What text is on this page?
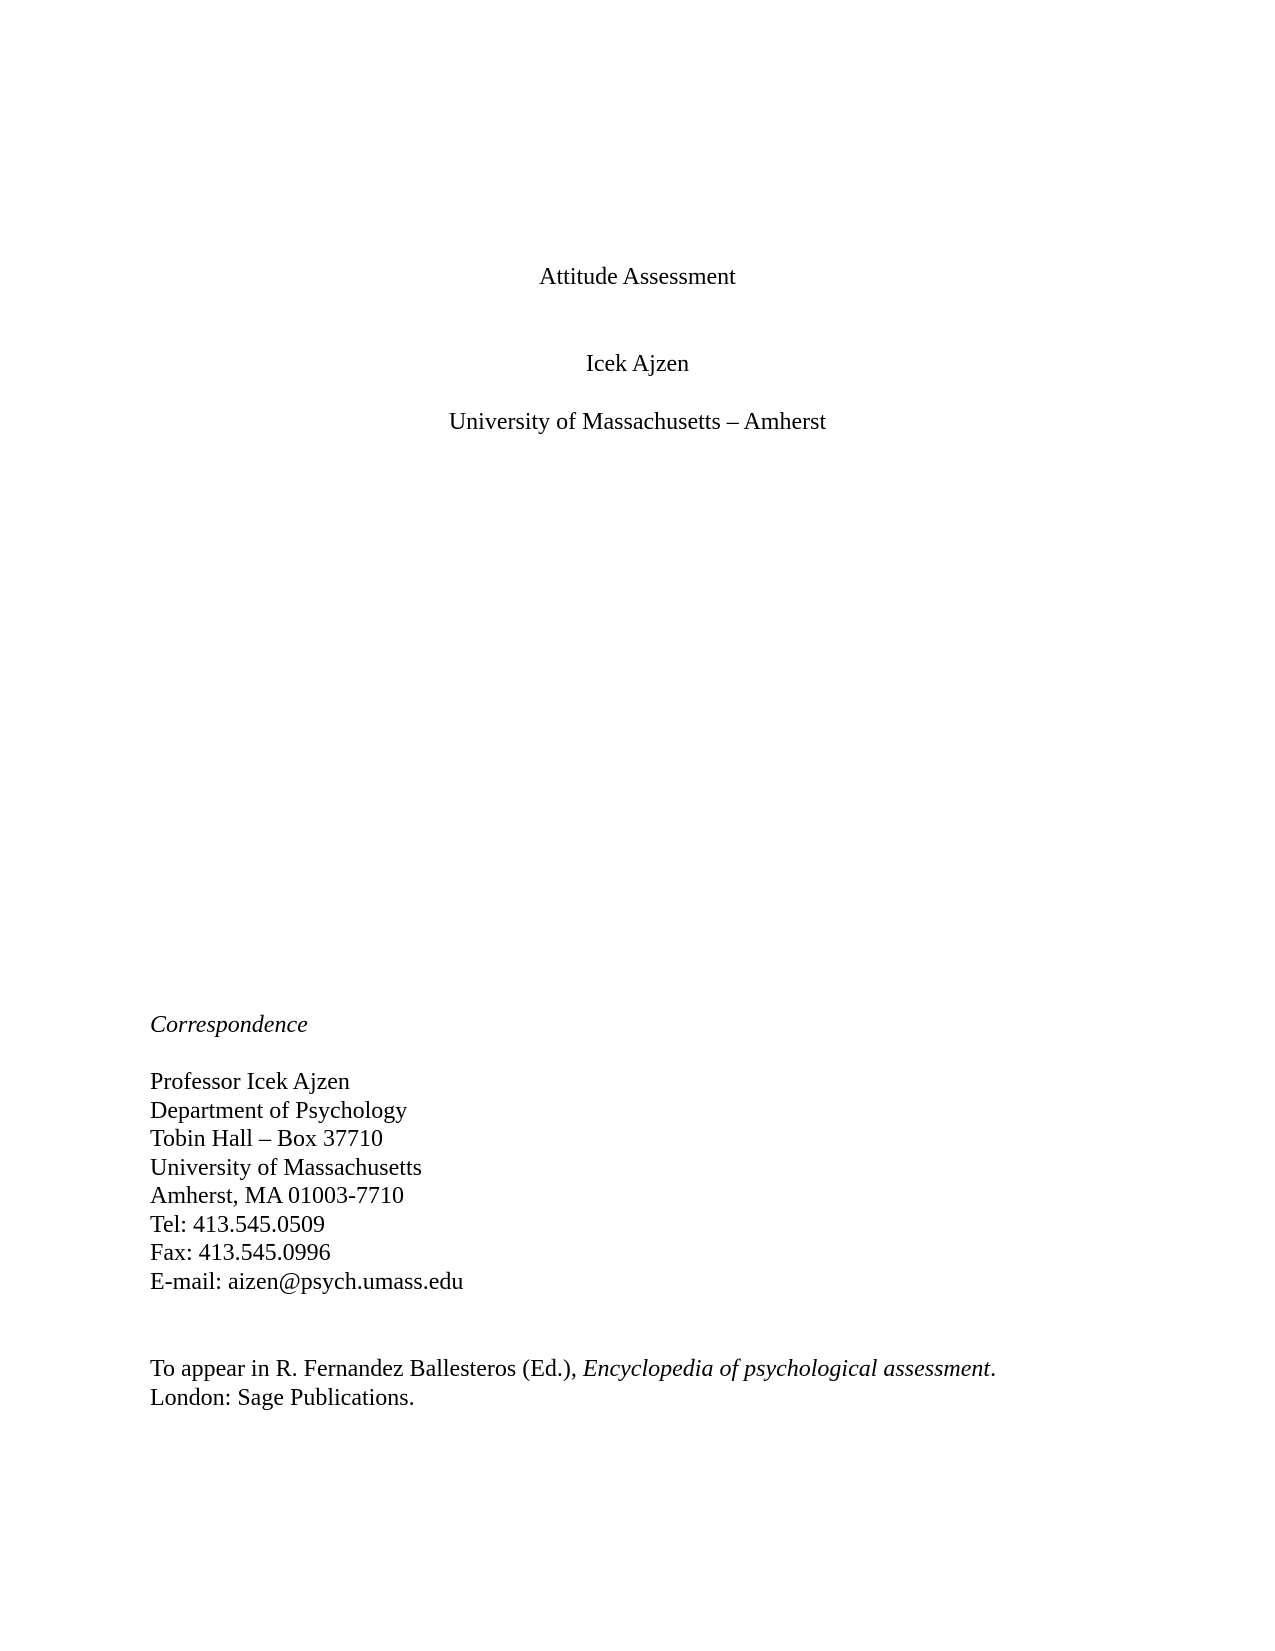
Attitude Assessment
Icek Ajzen
University of Massachusetts – Amherst
Correspondence
Professor Icek Ajzen
Department of Psychology
Tobin Hall – Box 37710
University of Massachusetts
Amherst, MA 01003-7710
Tel: 413.545.0509
Fax: 413.545.0996
E-mail: aizen@psych.umass.edu
To appear in R. Fernandez Ballesteros (Ed.), Encyclopedia of psychological assessment.
London: Sage Publications.
